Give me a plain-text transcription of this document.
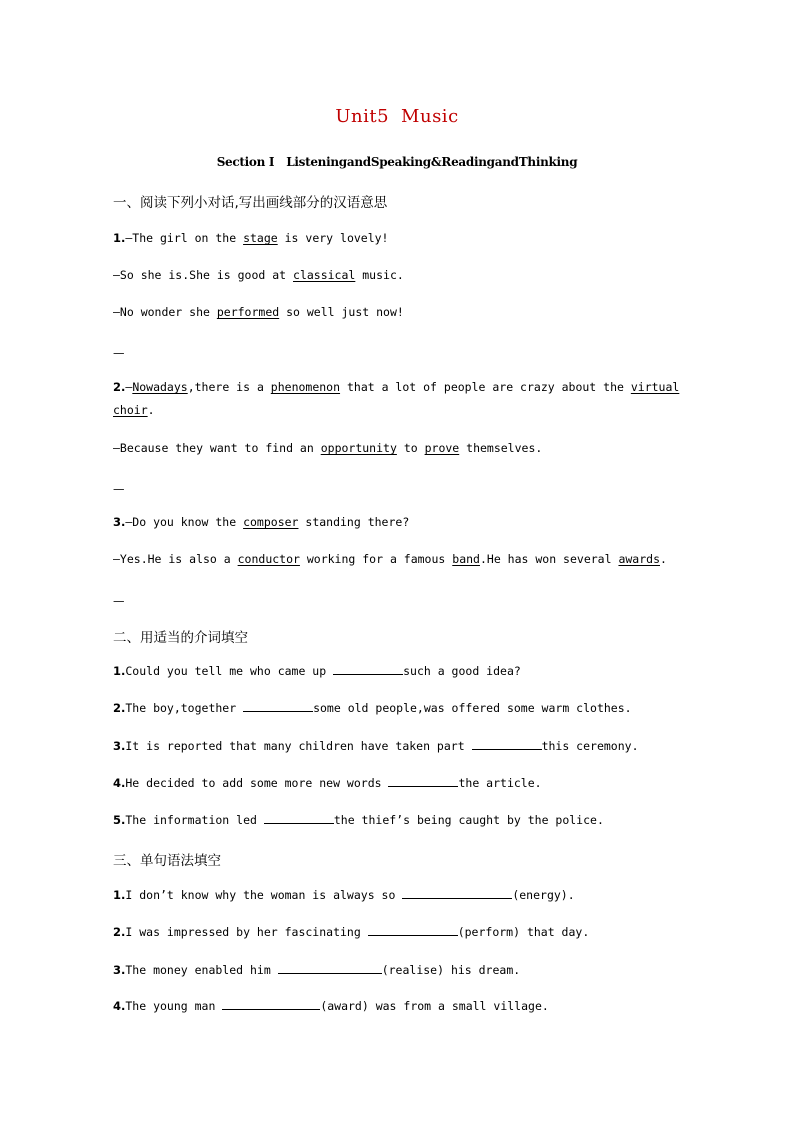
Unit5 Music
Section Ⅰ ListeningandSpeaking&ReadingandThinking
一、阅读下列小对话,写出画线部分的汉语意思
1.—The girl on the stage is very lovely!
—So she is.She is good at classical music.
—No wonder she performed so well just now!
—
2.—Nowadays,there is a phenomenon that a lot of people are crazy about the virtual choir.
—Because they want to find an opportunity to prove themselves.
—
3.—Do you know the composer standing there?
—Yes.He is also a conductor working for a famous band.He has won several awards.
—
二、用适当的介词填空
1.Could you tell me who came up	such a good idea?
2.The boy,together	some old people,was offered some warm clothes.
3.It is reported that many children have taken part	this ceremony.
4.He decided to add some more new words	the article.
5.The information led	the thief’s being caught by the police.
三、单句语法填空
1.I don’t know why the woman is always so	(energy).
2.I was impressed by her fascinating	(perform) that day.
3.The money enabled him	(realise) his dream.
4.The young man	(award) was from a small village.
